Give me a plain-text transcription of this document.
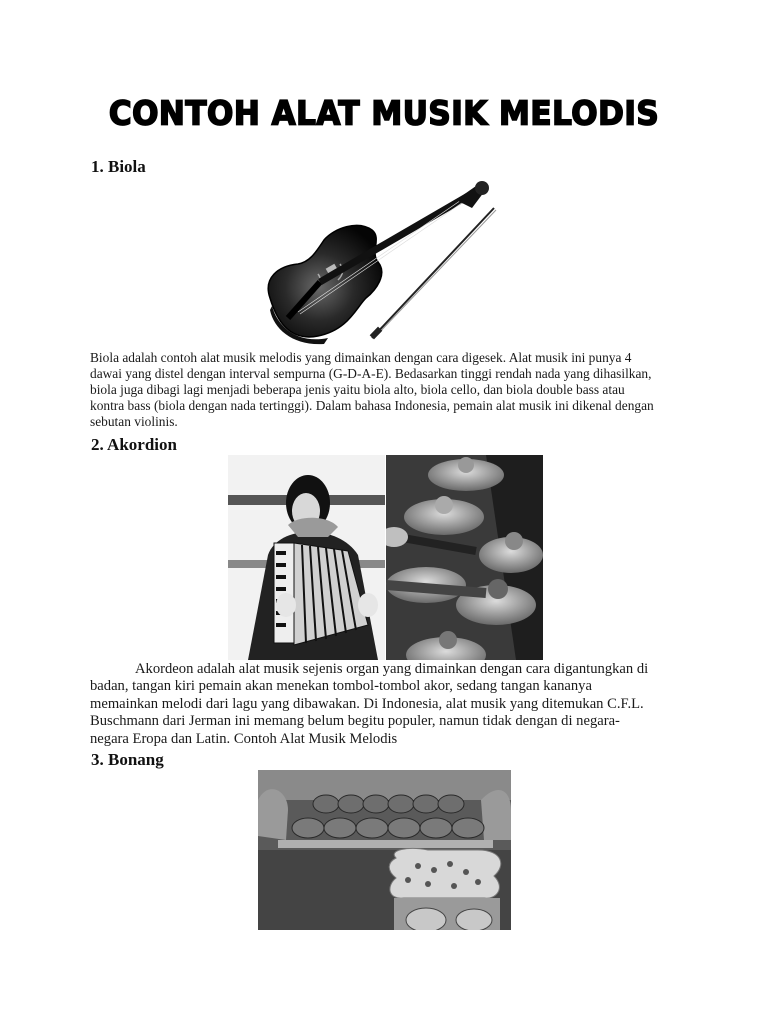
CONTOH ALAT MUSIK MELODIS
1. Biola
Biola adalah contoh alat musik melodis yang dimainkan dengan cara digesek. Alat musik ini punya 4
dawai yang distel dengan interval sempurna (G-D-A-E). Bedasarkan tinggi rendah nada yang dihasilkan,
biola juga dibagi lagi menjadi beberapa jenis yaitu biola alto, biola cello, dan biola double bass atau
kontra bass (biola dengan nada tertinggi). Dalam bahasa Indonesia, pemain alat musik ini dikenal dengan
sebutan violinis.
2. Akordion
Akordeon adalah alat musik sejenis organ yang dimainkan dengan cara digantungkan di
badan, tangan kiri pemain akan menekan tombol-tombol akor, sedang tangan kananya
memainkan melodi dari lagu yang dibawakan. Di Indonesia, alat musik yang ditemukan C.F.L.
Buschmann dari Jerman ini memang belum begitu populer, namun tidak dengan di negara-
negara Eropa dan Latin. Contoh Alat Musik Melodis
3. Bonang
